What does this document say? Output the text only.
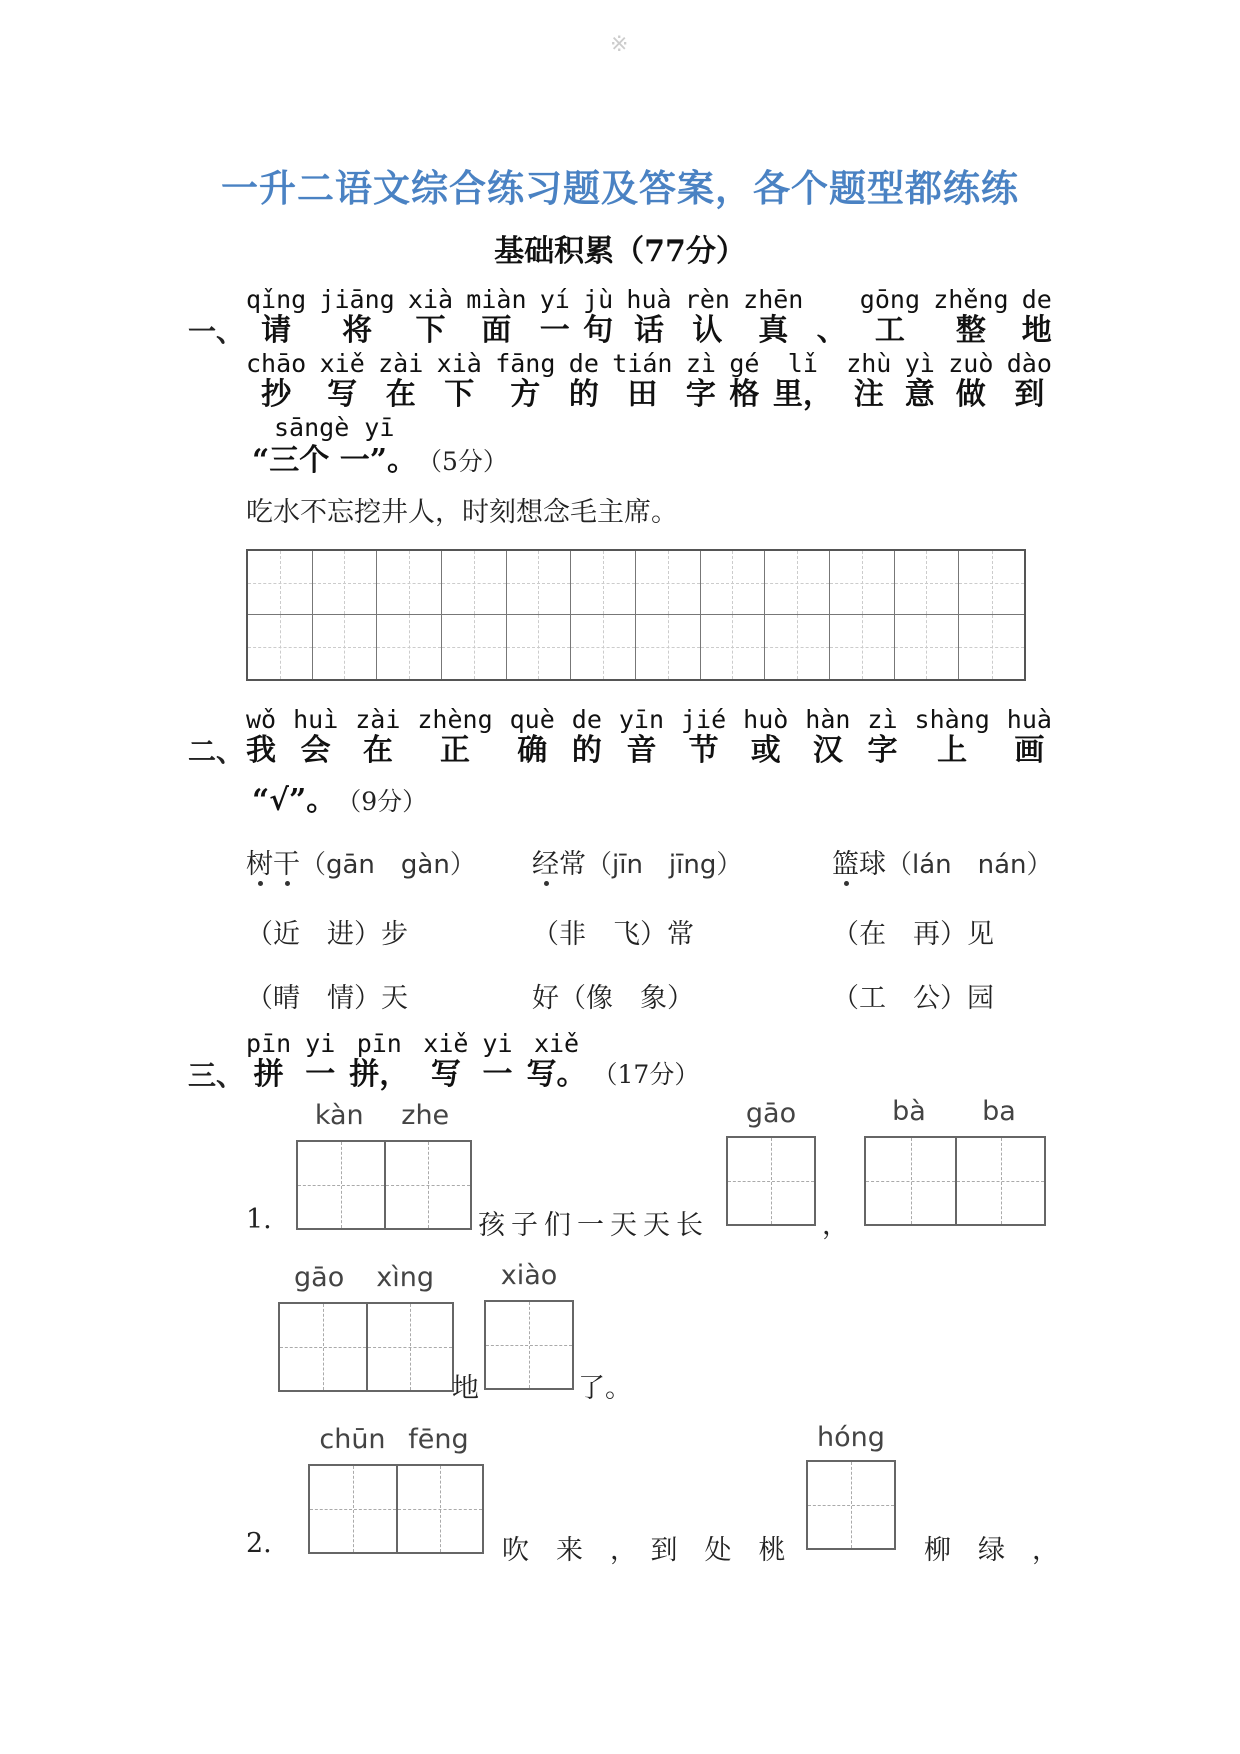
※
一升二语文综合练习题及答案，各个题型都练练
基础积累（77分）
一、
qǐng
请
jiāng
将
xià
下
miàn
面
yí
一
jù
句
huà
话
rèn
认
zhēn
真
、
gōng
工
zhěng
整
de
地
chāo
抄
xiě
写
zài
在
xià
下
fāng
方
de
的
tián
田
zì
字
gé
格
lǐ
里，
zhù
注
yì
意
zuò
做
dào
到
sāngè yī
“三个 一”。 （5分）
吃水不忘挖井人，时刻想念毛主席。
二、
wǒ
我
huì
会
zài
在
zhèng
正
què
确
de
的
yīn
音
jié
节
huò
或
hàn
汉
zì
字
shàng
上
huà
画
“√”。 （9分）
树干（gān　gàn） 经常（jīn　jīng）	篮球（lán　nán）
（近　进）步	（非　飞）常	（在　再）见
（晴　情）天	好（像　象）	（工　公）园
三、
pīn
拼
yi
一
pīn
拼，
xiě
写
yi
一
xiě
写。 （17分）
1.
kàn zhe
孩子们一天天长
gāo
，
bà ba
gāo xìng
地
xiào
了。
2.
chūn fēng
吹　来　，　到　处　桃
hóng
柳　绿　，
